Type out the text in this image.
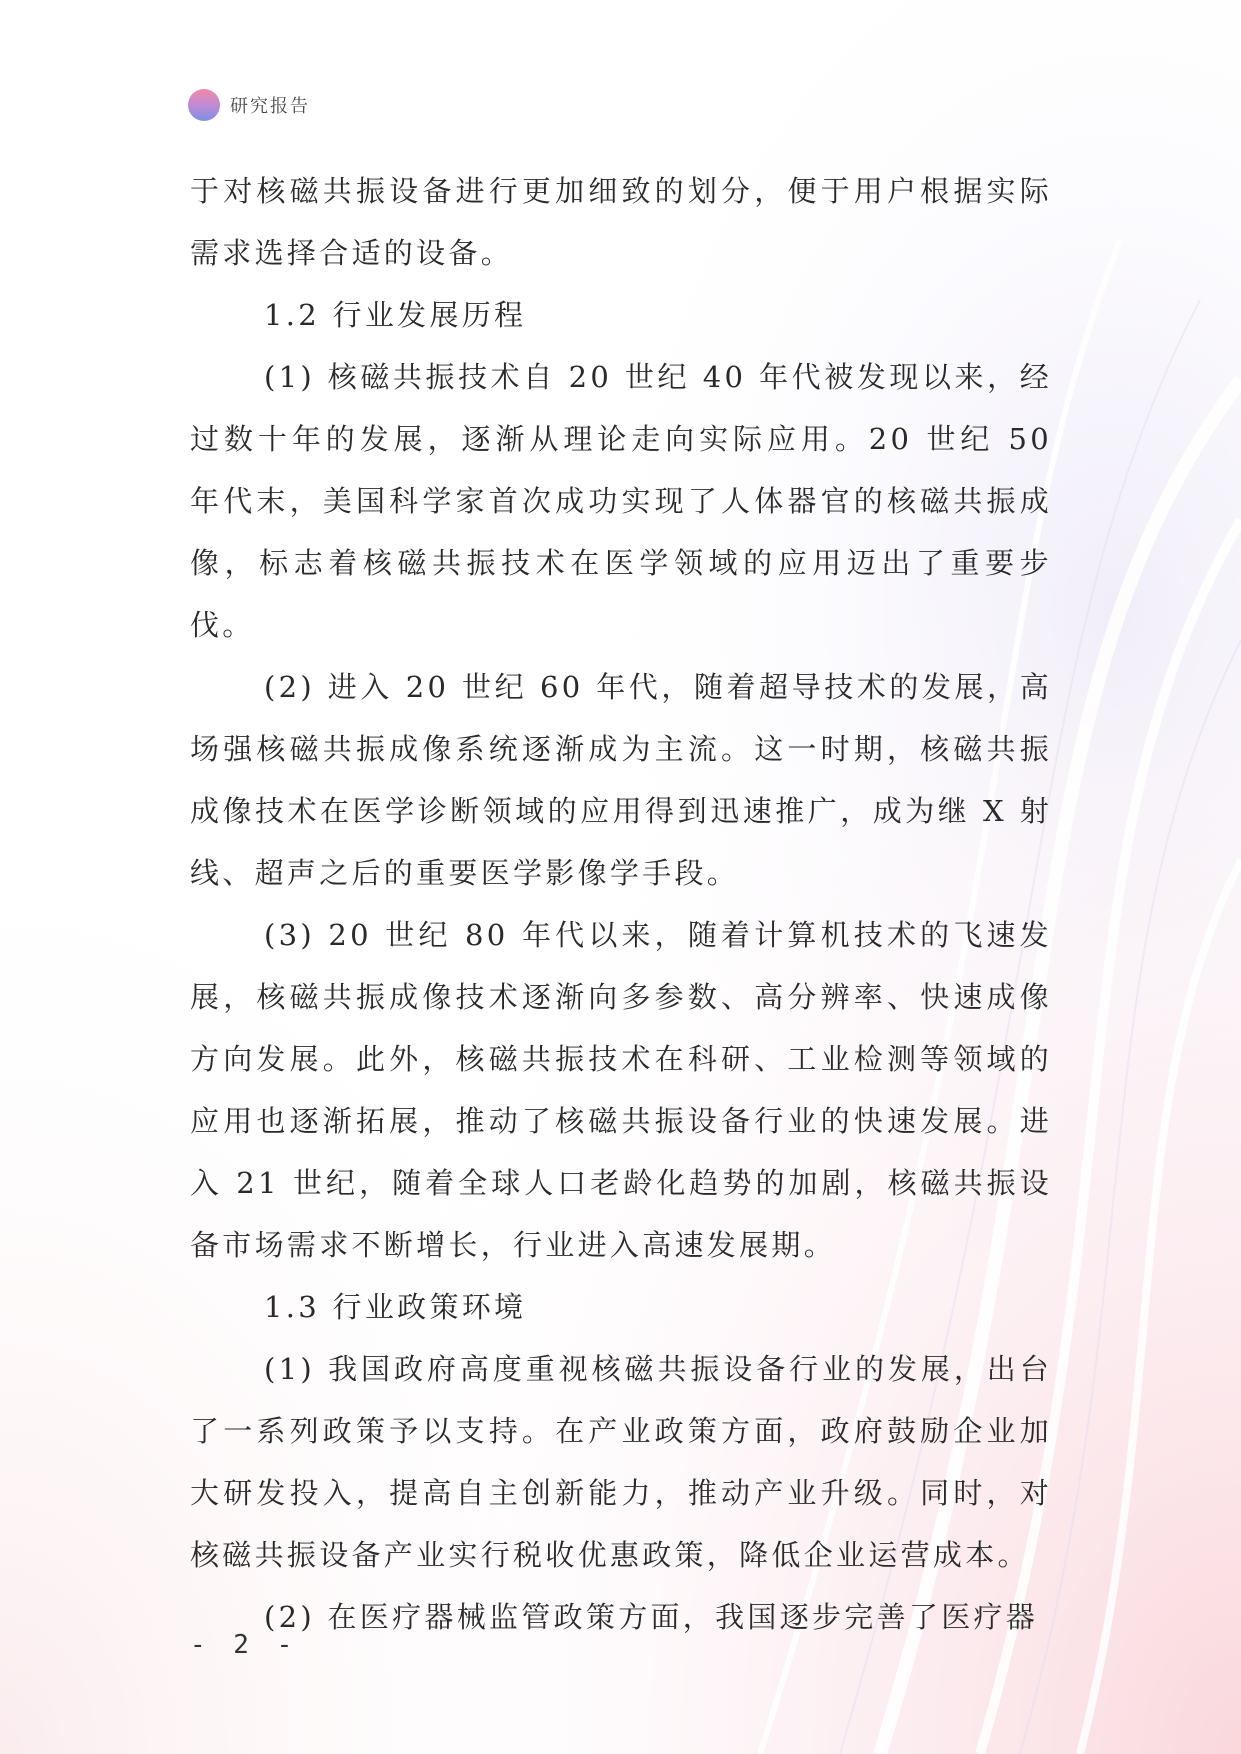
研究报告

于对核磁共振设备进行更加细致的划分，便于用户根据实际需求选择合适的设备。

1.2 行业发展历程

(1) 核磁共振技术自 20 世纪 40 年代被发现以来，经过数十年的发展，逐渐从理论走向实际应用。20 世纪 50 年代末，美国科学家首次成功实现了人体器官的核磁共振成像，标志着核磁共振技术在医学领域的应用迈出了重要步伐。

(2) 进入 20 世纪 60 年代，随着超导技术的发展，高场强核磁共振成像系统逐渐成为主流。这一时期，核磁共振成像技术在医学诊断领域的应用得到迅速推广，成为继 X 射线、超声之后的重要医学影像学手段。

(3) 20 世纪 80 年代以来，随着计算机技术的飞速发展，核磁共振成像技术逐渐向多参数、高分辨率、快速成像方向发展。此外，核磁共振技术在科研、工业检测等领域的应用也逐渐拓展，推动了核磁共振设备行业的快速发展。进入 21 世纪，随着全球人口老龄化趋势的加剧，核磁共振设备市场需求不断增长，行业进入高速发展期。

1.3 行业政策环境

(1) 我国政府高度重视核磁共振设备行业的发展，出台了一系列政策予以支持。在产业政策方面，政府鼓励企业加大研发投入，提高自主创新能力，推动产业升级。同时，对核磁共振设备产业实行税收优惠政策，降低企业运营成本。

(2) 在医疗器械监管政策方面，我国逐步完善了医疗器

- 2 -
